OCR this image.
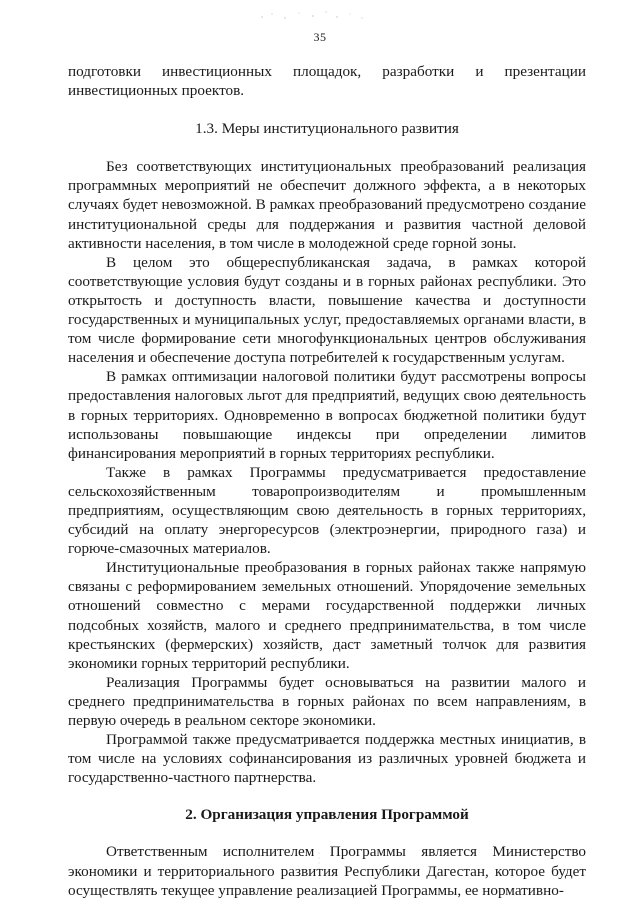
35

подготовки инвестиционных площадок, разработки и презентации инвестиционных проектов.

1.3. Меры институционального развития

Без соответствующих институциональных преобразований реализация программных мероприятий не обеспечит должного эффекта, а в некоторых случаях будет невозможной. В рамках преобразований предусмотрено создание институциональной среды для поддержания и развития частной деловой активности населения, в том числе в молодежной среде горной зоны.

В целом это общереспубликанская задача, в рамках которой соответствующие условия будут созданы и в горных районах республики. Это открытость и доступность власти, повышение качества и доступности государственных и муниципальных услуг, предоставляемых органами власти, в том числе формирование сети многофункциональных центров обслуживания населения и обеспечение доступа потребителей к государственным услугам.

В рамках оптимизации налоговой политики будут рассмотрены вопросы предоставления налоговых льгот для предприятий, ведущих свою деятельность в горных территориях. Одновременно в вопросах бюджетной политики будут использованы повышающие индексы при определении лимитов финансирования мероприятий в горных территориях республики.

Также в рамках Программы предусматривается предоставление сельскохозяйственным товаропроизводителям и промышленным предприятиям, осуществляющим свою деятельность в горных территориях, субсидий на оплату энергоресурсов (электроэнергии, природного газа) и горюче-смазочных материалов.

Институциональные преобразования в горных районах также напрямую связаны с реформированием земельных отношений. Упорядочение земельных отношений совместно с мерами государственной поддержки личных подсобных хозяйств, малого и среднего предпринимательства, в том числе крестьянских (фермерских) хозяйств, даст заметный толчок для развития экономики горных территорий республики.

Реализация Программы будет основываться на развитии малого и среднего предпринимательства в горных районах по всем направлениям, в первую очередь в реальном секторе экономики.

Программой также предусматривается поддержка местных инициатив, в том числе на условиях софинансирования из различных уровней бюджета и государственно-частного партнерства.

2. Организация управления Программой

Ответственным исполнителем Программы является Министерство экономики и территориального развития Республики Дагестан, которое будет осуществлять текущее управление реализацией Программы, ее нормативно-
